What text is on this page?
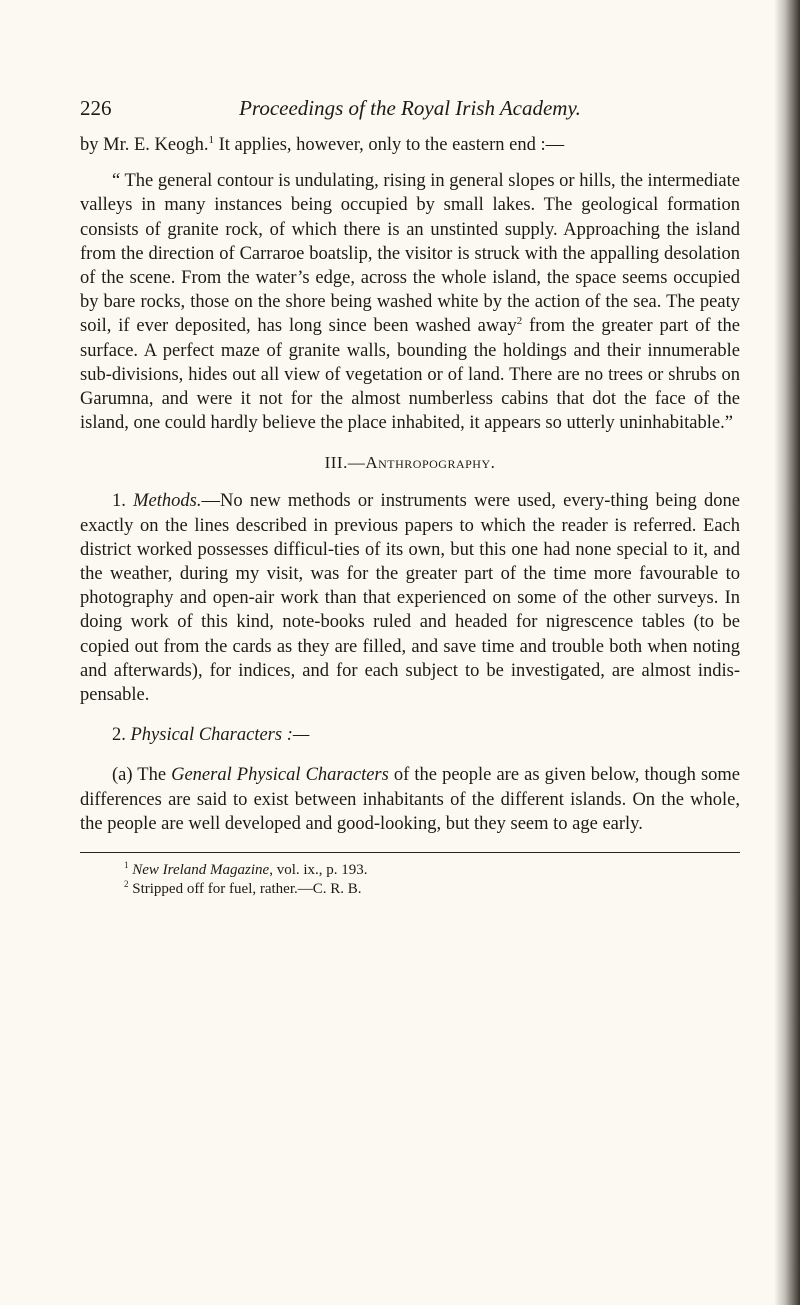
226	Proceedings of the Royal Irish Academy.

by Mr. E. Keogh.$^1$ It applies, however, only to the eastern end :—

“ The general contour is undulating, rising in general slopes or hills, the intermediate valleys in many instances being occupied by small lakes. The geological formation consists of granite rock, of which there is an unstinted supply. Approaching the island from the direction of Carraroe boatslip, the visitor is struck with the appalling desolation of the scene. From the water’s edge, across the whole island, the space seems occupied by bare rocks, those on the shore being washed white by the action of the sea. The peaty soil, if ever deposited, has long since been washed away$^2$ from the greater part of the surface. A perfect maze of granite walls, bounding the holdings and their innumerable sub-divisions, hides out all view of vegetation or of land. There are no trees or shrubs on Garumna, and were it not for the almost numberless cabins that dot the face of the island, one could hardly believe the place inhabited, it appears so utterly uninhabitable.”

III.—Anthropography.

1. Methods.—No new methods or instruments were used, every-thing being done exactly on the lines described in previous papers to which the reader is referred. Each district worked possesses difficul-ties of its own, but this one had none special to it, and the weather, during my visit, was for the greater part of the time more favourable to photography and open-air work than that experienced on some of the other surveys. In doing work of this kind, note-books ruled and headed for nigrescence tables (to be copied out from the cards as they are filled, and save time and trouble both when noting and afterwards), for indices, and for each subject to be investigated, are almost indis-pensable.

2. Physical Characters :—

(a) The General Physical Characters of the people are as given below, though some differences are said to exist between inhabitants of the different islands. On the whole, the people are well developed and good-looking, but they seem to age early.

$^1$ New Ireland Magazine, vol. ix., p. 193.
$^2$ Stripped off for fuel, rather.—C. R. B.
